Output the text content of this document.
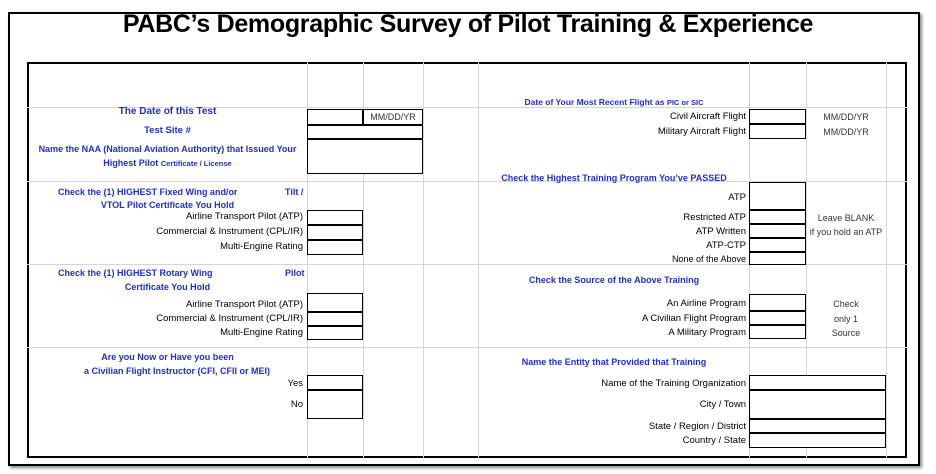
PABC’s Demographic Survey of Pilot Training & Experience
The Date of this Test	MM/DD/YR
Test Site #
Name the NAA (National Aviation Authority) that Issued Your
Highest Pilot Certificate / License
Check the (1) HIGHEST Fixed Wing and/or	Tilt /
VTOL Pilot Certificate You Hold
Airline Transport Pilot (ATP)
Commercial & Instrument (CPL/IR)
Multi-Engine Rating
Check the (1) HIGHEST Rotary Wing	Pilot
Certificate You Hold
Airline Transport Pilot (ATP)
Commercial & Instrument (CPL/IR)
Multi-Engine Rating
Are you Now or Have you been
a Civilian Flight Instructor (CFI, CFII or MEI)
Yes
No
Date of Your Most Recent Flight as PIC or SIC
Civil Aircraft Flight	MM/DD/YR
Military Aircraft Flight	MM/DD/YR
Check the Highest Training Program You’ve PASSED
ATP
Restricted ATP
ATP Written
ATP-CTP
None of the Above
Leave BLANK
if you hold an ATP
Check the Source of the Above Training
An Airline Program
A Civilian Flight Program
A Military Program
Check
only 1
Source
Name the Entity that Provided that Training
Name of the Training Organization
City / Town
State / Region / District
Country / State
